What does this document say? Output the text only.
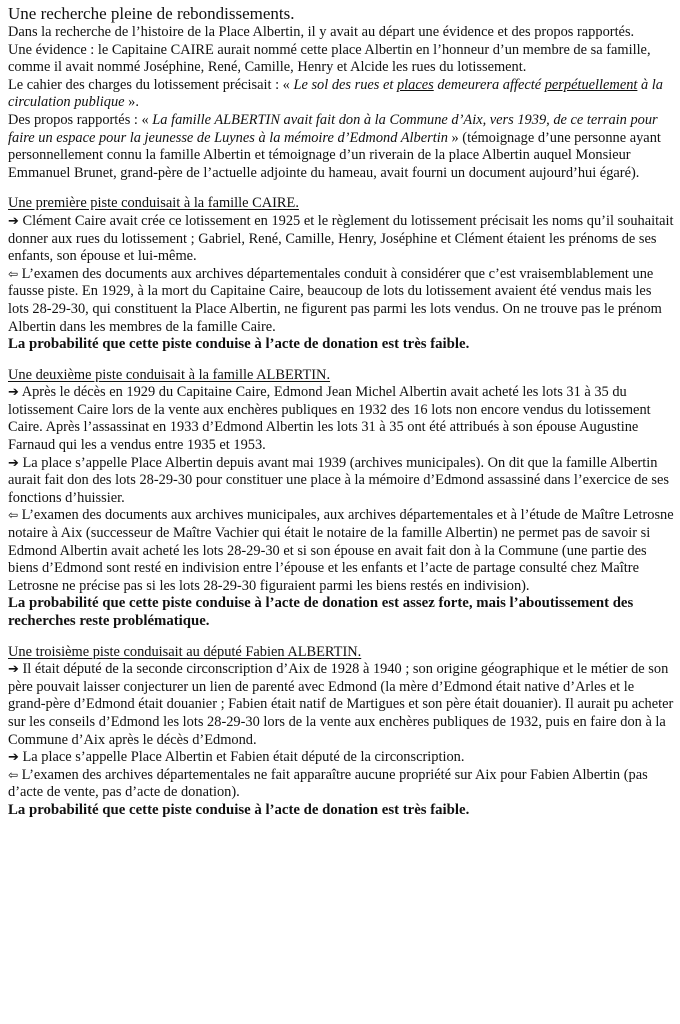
Une recherche pleine de rebondissements.

Dans la recherche de l’histoire de la Place Albertin, il y avait au départ une évidence et des propos rapportés.

Une évidence : le Capitaine CAIRE aurait nommé cette place Albertin en l’honneur d’un membre de sa famille, comme il avait nommé Joséphine, René, Camille, Henry et Alcide les rues du lotissement.

Le cahier des charges du lotissement précisait : « Le sol des rues et places demeurera affecté perpétuellement à la circulation publique ».

Des propos rapportés : « La famille ALBERTIN avait fait don à la Commune d’Aix, vers 1939, de ce terrain pour faire un espace pour la jeunesse de Luynes à la mémoire d’Edmond Albertin » (témoignage d’une personne ayant personnellement connu la famille Albertin et témoignage d’un riverain de la place Albertin auquel Monsieur Emmanuel Brunet, grand-père de l’actuelle adjointe du hameau, avait fourni un document aujourd’hui égaré).

Une première piste conduisait à la famille CAIRE.

➔ Clément Caire avait crée ce lotissement en 1925 et le règlement du lotissement précisait les noms qu’il souhaitait donner aux rues du lotissement ; Gabriel, René, Camille, Henry, Joséphine et Clément étaient les prénoms de ses enfants, son épouse et lui-même.

⇦ L’examen des documents aux archives départementales conduit à considérer que c’est vraisemblablement une fausse piste. En 1929, à la mort du Capitaine Caire, beaucoup de lots du lotissement avaient été vendus mais les lots 28-29-30, qui constituent la Place Albertin, ne figurent pas parmi les lots vendus. On ne trouve pas le prénom Albertin dans les membres de la famille Caire.

La probabilité que cette piste conduise à l’acte de donation est très faible.

Une deuxième piste conduisait à la famille ALBERTIN.

➔ Après le décès en 1929 du Capitaine Caire, Edmond Jean Michel Albertin avait acheté les lots 31 à 35 du lotissement Caire lors de la vente aux enchères publiques en 1932 des 16 lots non encore vendus du lotissement Caire. Après l’assassinat en 1933 d’Edmond Albertin les lots 31 à 35 ont été attribués à son épouse Augustine Farnaud qui les a vendus entre 1935 et 1953.

➔ La place s’appelle Place Albertin depuis avant mai 1939 (archives municipales). On dit que la famille Albertin aurait fait don des lots 28-29-30 pour constituer une place à la mémoire d’Edmond assassiné dans l’exercice de ses fonctions d’huissier.

⇦ L’examen des documents aux archives municipales, aux archives départementales et à l’étude de Maître Letrosne notaire à Aix (successeur de Maître Vachier qui était le notaire de la famille Albertin) ne permet pas de savoir si Edmond Albertin avait acheté les lots 28-29-30 et si son épouse en avait fait don à la Commune (une partie des biens d’Edmond sont resté en indivision entre l’épouse et les enfants et l’acte de partage consulté chez Maître Letrosne ne précise pas si les lots 28-29-30 figuraient parmi les biens restés en indivision).

La probabilité que cette piste conduise à l’acte de donation est assez forte, mais l’aboutissement des recherches reste problématique.

Une troisième piste conduisait au député Fabien ALBERTIN.

➔ Il était député de la seconde circonscription d’Aix de 1928 à 1940 ; son origine géographique et le métier de son père pouvait laisser conjecturer un lien de parenté avec Edmond (la mère d’Edmond était native d’Arles et le grand-père d’Edmond était douanier ; Fabien était natif de Martigues et son père était douanier). Il aurait pu acheter sur les conseils d’Edmond les lots 28-29-30 lors de la vente aux enchères publiques de 1932, puis en faire don à la Commune d’Aix après le décès d’Edmond.

➔ La place s’appelle Place Albertin et Fabien était député de la circonscription.

⇦ L’examen des archives départementales ne fait apparaître aucune propriété sur Aix pour Fabien Albertin (pas d’acte de vente, pas d’acte de donation).

La probabilité que cette piste conduise à l’acte de donation est très faible.
